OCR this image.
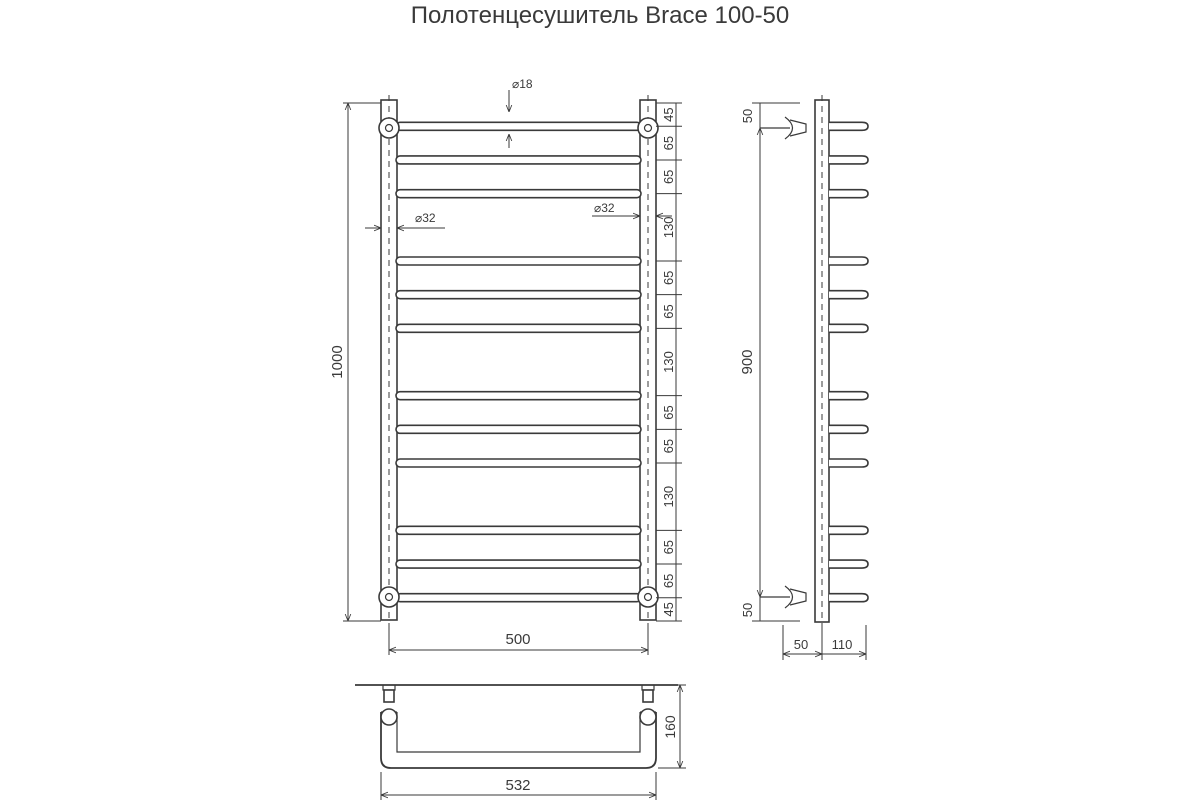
Полотенцесушитель Brace 100-50
1000
500
⌀18
⌀32
⌀32
45
65
65
130
65
65
130
65
65
130
65
65
45
900
50
50
50 110
532
160
